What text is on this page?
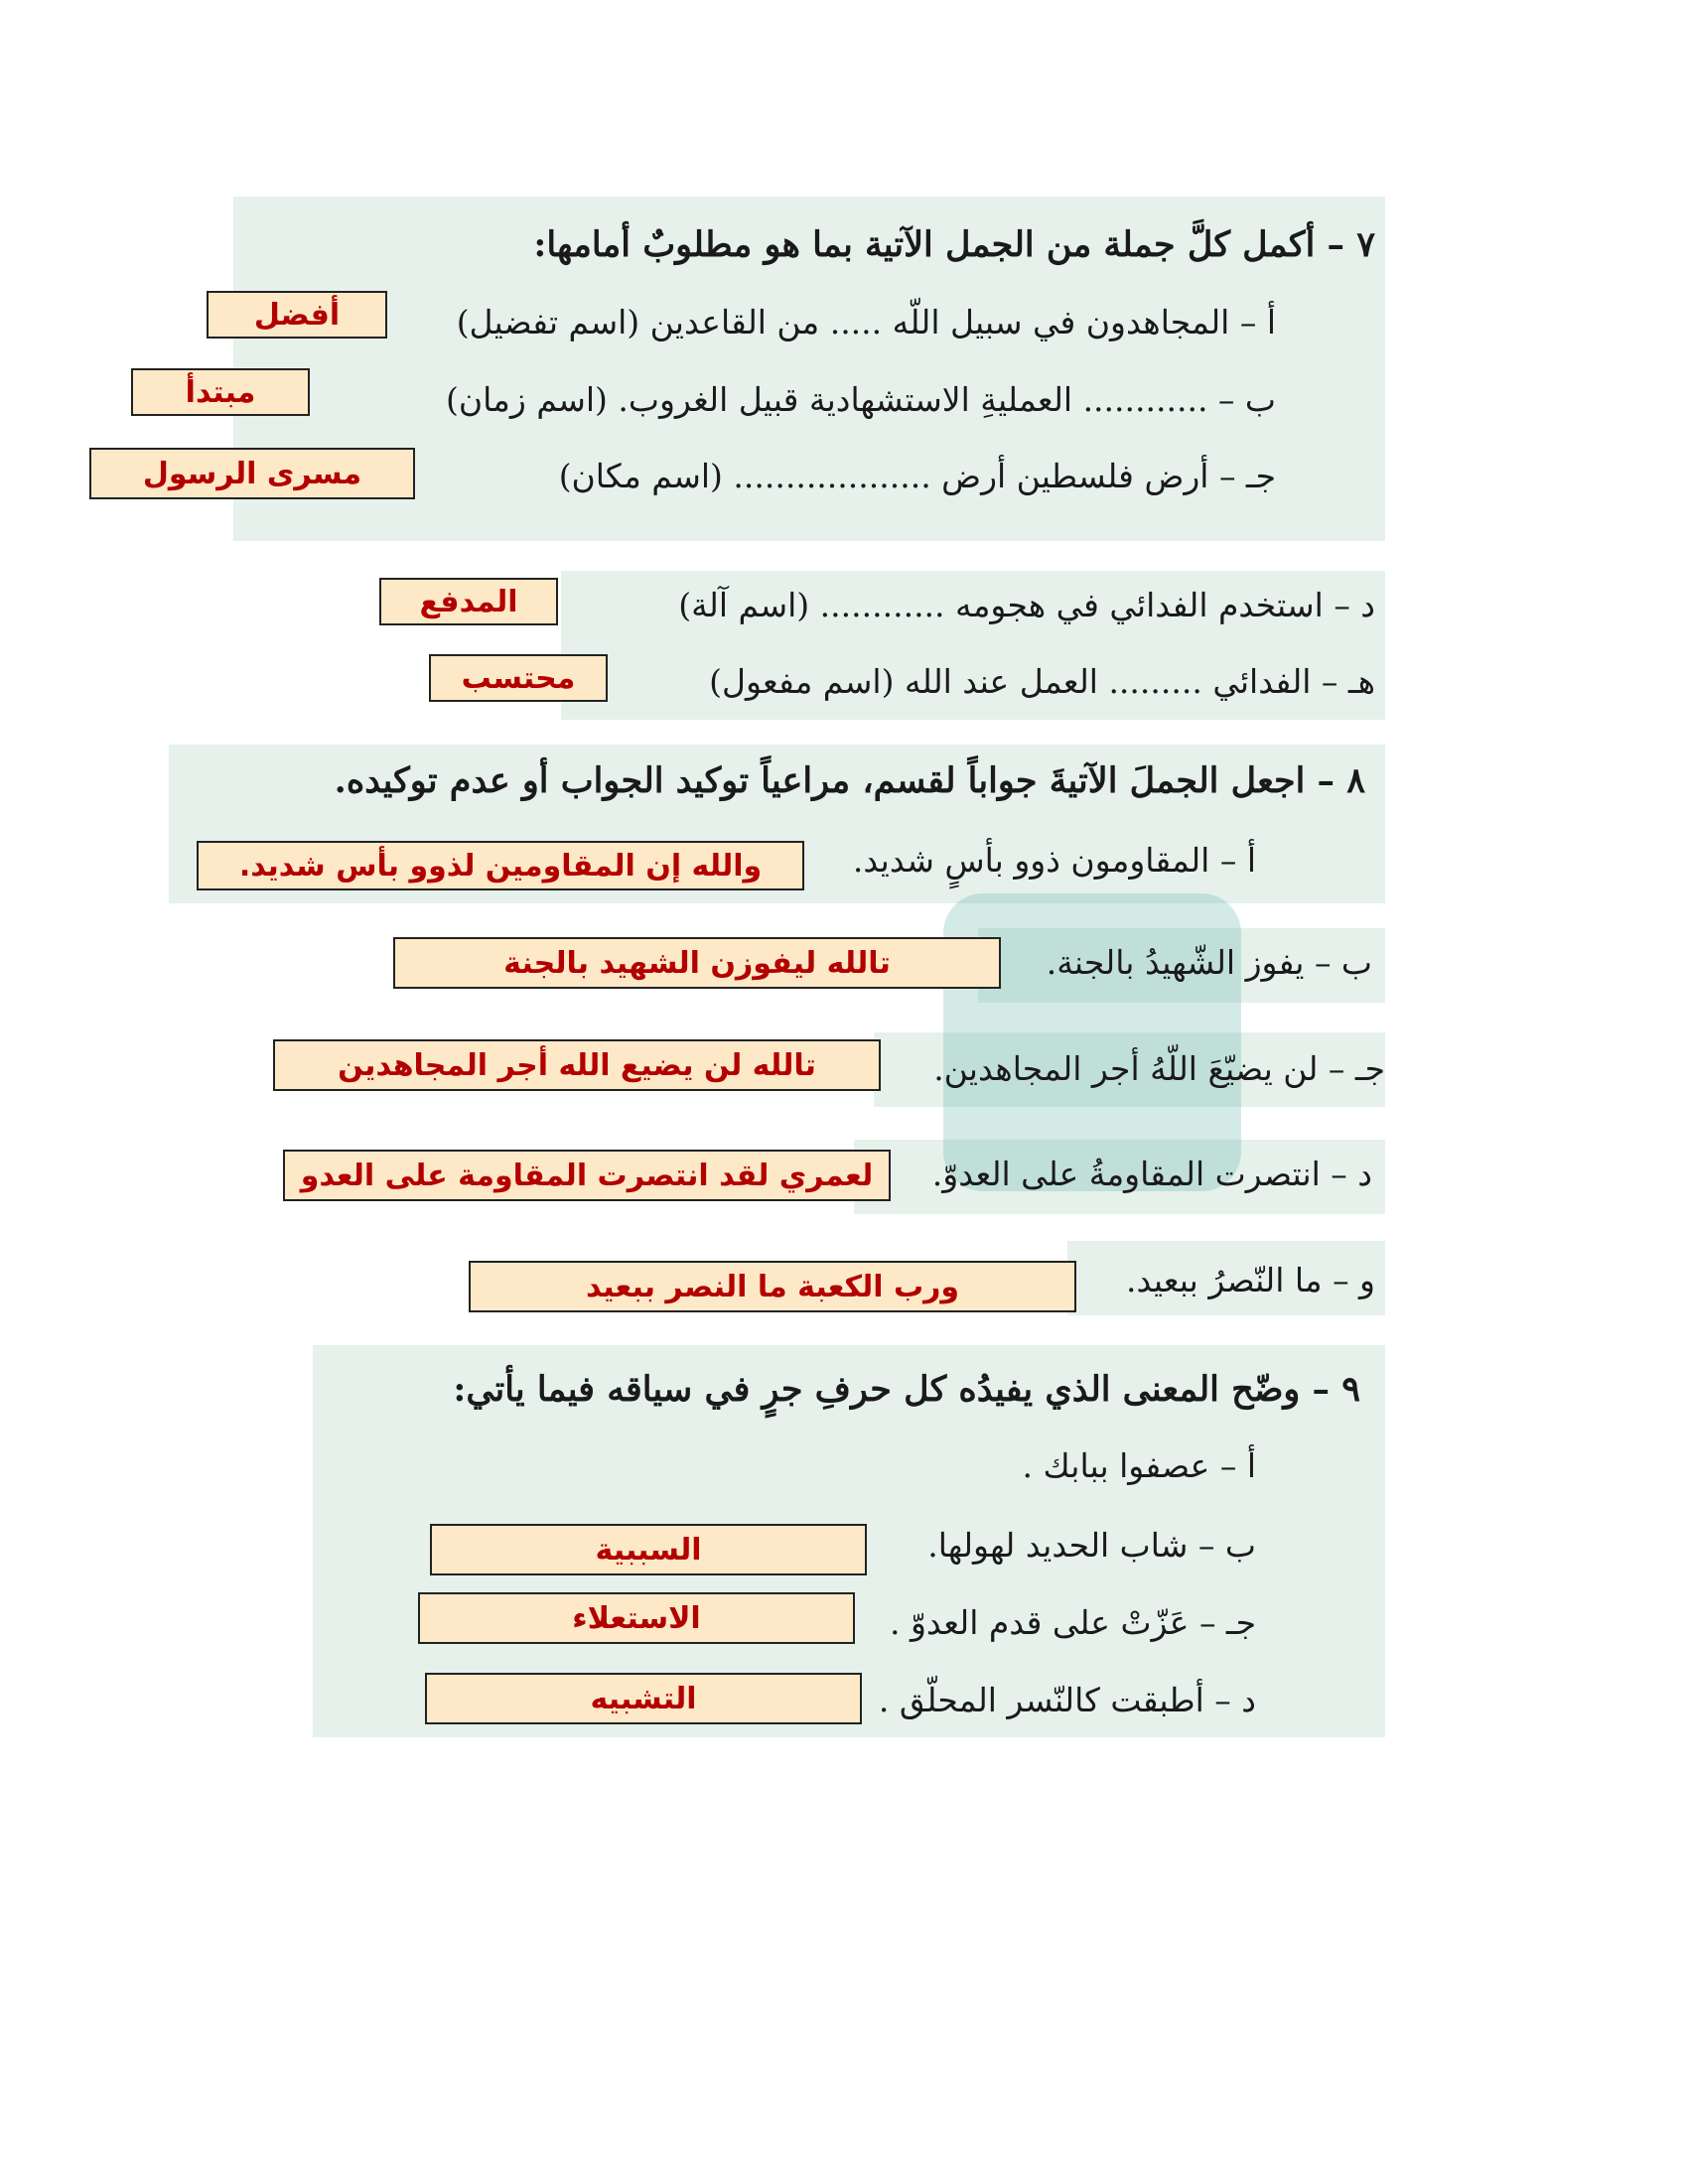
٧ – أكمل كلَّ جملة من الجمل الآتية بما هو مطلوبٌ أمامها:
أ – المجاهدون في سبيل اللّه ..... من القاعدين (اسم تفضيل)
أفضل
ب – ............ العمليةِ الاستشهادية قبيل الغروب. (اسم زمان)
مبتدأ
جـ – أرض فلسطين أرض ................... (اسم مكان)
مسرى الرسول
د – استخدم الفدائي في هجومه ............ (اسم آلة)
المدفع
هـ – الفدائي ......... العمل عند الله (اسم مفعول)
محتسب
٨ – اجعل الجملَ الآتيةَ جواباً لقسم، مراعياً توكيد الجواب أو عدم توكيده.
أ – المقاومون ذوو بأسٍ شديد.
والله إن المقاومين لذوو بأس شديد.
ب – يفوز الشّهيدُ بالجنة.
تالله ليفوزن الشهيد بالجنة
جـ – لن يضيّعَ اللّهُ أجر المجاهدين.
تالله لن يضيع الله أجر المجاهدين
د – انتصرت المقاومةُ على العدوّ.
لعمري لقد انتصرت المقاومة على العدو
و – ما النّصرُ ببعيد.
ورب الكعبة ما النصر ببعيد
٩ – وضّح المعنى الذي يفيدُه كل حرفِ جرٍ في سياقه فيما يأتي:
أ – عصفوا ببابك .
ب – شاب الحديد لهولها.
السببية
جـ – عَزّتْ على قدم العدوّ .
الاستعلاء
د – أطبقت كالنّسر المحلّق .
التشبيه
